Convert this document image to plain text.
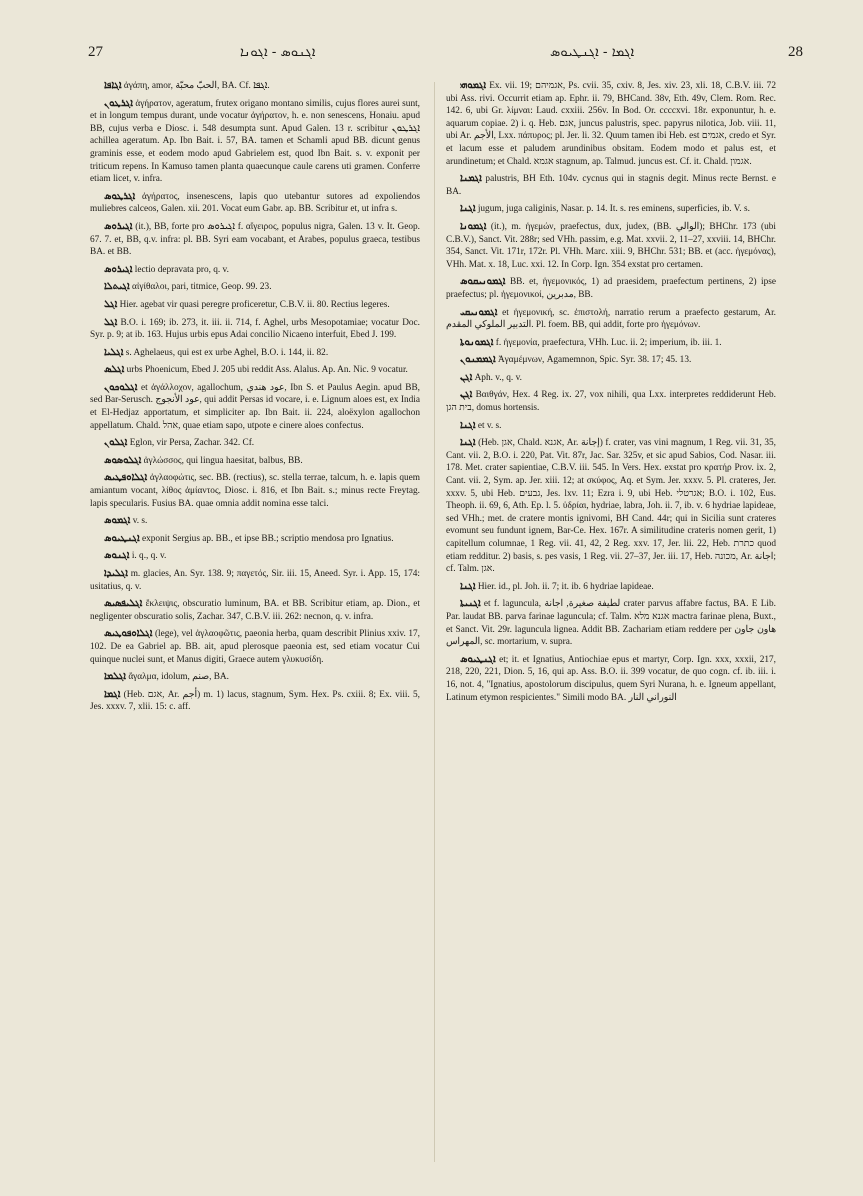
27	ܐܓܢܘܣ - ܐܓܘܢܐ	ܐܓܡܐ - ܐܓܢܛܝܘܣ	28

ܐܓܐܦܐ ἀγάπη, amor, الحبّ محبّة, BA. Cf. ܐܓܦܐ.

ܐܓܪܛܘܢ ἀγήρατον, ageratum, frutex origano montano similis, cujus flores aurei sunt, et in longum tempus durant, unde vocatur ἀγήρατον, h. e. non senescens, Honaiu. apud BB, cujus verba e Diosc. i. 548 desumpta sunt. Apud Galen. 13 r. scribitur ܐܓܪܛܘܢ achillea ageratum. Ap. Ibn Bait. i. 57, BA. tamen et Schamli apud BB. dicunt genus graminis esse, et eodem modo apud Gabrielem est, quod Ibn Bait. s. v. exponit per triticum repens. In Kamuso tamen planta quaecunque caule carens uti gramen. Conferre etiam licet, v. infra.

ܐܓܪܛܘܣ ἀγήρατος, insenescens, lapis quo utebantur sutores ad expoliendos muliebres calceos, Galen. xii. 201. Vocat eum Gabr. ap. BB. Scribitur et, ut infra s.

ܐܓܝܪܘܣ (it.), BB, forte pro ܐܓܝܪܘܣ f. αἴγειρος, populus nigra, Galen. 13 v. It. Geop. 67. 7. et, BB, q.v. infra: pl. BB. Syri eam vocabant, et Arabes, populus graeca, testibus BA. et BB.

ܐܓܝܪܘܣ lectio depravata pro, q. v.

ܐܓܝܬܠܐ αἰγίθαλοι, pari, titmice, Geop. 99. 23.

ܐܓܠ Hier. agebat vir quasi peregre proficeretur, C.B.V. ii. 80. Rectius legeres.

ܐܓܠ B.O. i. 169; ib. 273, it. iii. ii. 714, f. Aghel, urbs Mesopotamiae; vocatur Doc. Syr. p. 9; at ib. 163. Hujus urbis epus Adai concilio Nicaeno interfuit, Ebed J. 199.

ܐܓܠܝܐ s. Aghelaeus, qui est ex urbe Aghel, B.O. i. 144, ii. 82.

ܐܓܠܣ urbs Phoenicum, Ebed J. 205 ubi reddit Ass. Alalus. Ap. An. Nic. 9 vocatur.

ܐܓܠܘܟܘܢ et ἀγάλλοχον, agallochum, عود هندي, Ibn S. et Paulus Aegin. apud BB, sed Bar-Serusch. عود الأنجوج, qui addit Persas id vocare, i. e. Lignum aloes est, ex India et El-Hedjaz apportatum, et simpliciter ap. Ibn Bait. ii. 224, aloëxylon agallochon appellatum. Chald. אהל, quae etiam sapo, utpote e cinere aloes confectus.

ܐܓܠܘܢ Eglon, vir Persa, Zachar. 342. Cf.

ܐܓܠܘܣܘܣ ἀγλώσσος, qui lingua haesitat, balbus, BB.

ܐܓܠܐܘܦܛܝܣ ἀγλαοφώτις, sec. BB. (rectius), sc. stella terrae, talcum, h. e. lapis quem amiantum vocant, λίθος ἀμίαντος, Diosc. i. 816, et Ibn Bait. s.; minus recte Freytag. lapis specularis. Fusius BA. quae omnia addit nomina esse talci.

ܐܓܡܘܣ v. s.

ܐܓܢܛܝܘܣ exponit Sergius ap. BB., et ipse BB.; scriptio mendosa pro Ignatius.

ܐܓܢܘܣ i. q., q. v.

ܐܓܠܝܕܐ m. glacies, An. Syr. 138. 9; παγετός, Sir. iii. 15, Aneed. Syr. i. App. 15, 174: usitatius, q. v.

ܐܓܠܝܦܣܝܣ ἔκλειψις, obscuratio luminum, BA. et BB. Scribitur etiam, ap. Dion., et negligenter obscuratio solis, Zachar. 347, C.B.V. iii. 262: necnon, q. v. infra.

ܐܓܠܐܘܦܘܛܝܣ (lege), vel ἀγλαοφῶτις, paeonia herba, quam describit Plinius xxiv. 17, 102. De ea Gabriel ap. BB. ait, apud plerosque paeonia est, sed etiam vocatur Cui quinque nuclei sunt, et Manus digiti, Graece autem γλυκυσίδη.

ܐܓܠܡܐ ἄγαλμα, idolum, صنم, BA.

ܐܓܡܐ (Heb. אגם, Ar. أجم) m. 1) lacus, stagnum, Sym. Hex. Ps. cxiii. 8; Ex. viii. 5, Jes. xxxv. 7, xlii. 15: c. aff.

ܐܓܡܘܗܝ Ex. vii. 19; אגמיהם, Ps. cvii. 35, cxiv. 8, Jes. xiv. 23, xli. 18, C.B.V. iii. 72 ubi Ass. rivi. Occurrit etiam ap. Ephr. ii. 79, BHCand. 38v, Eth. 49v, Clem. Rom. Rec. 142. 6, ubi Gr. λίμναι: Laud. cxxiii. 256v. In Bod. Or. ccccxvi. 18r. exponuntur, h. e. aquarum copiae. 2) i. q. Heb. אגם, juncus palustris, spec. papyrus nilotica, Job. viii. 11, ubi Ar. الأجم, Lxx. πάπυρος; pl. Jer. li. 32. Quum tamen ibi Heb. est אגמים, credo et Syr. et lacum esse et paludem arundinibus obsitam. Eodem modo et palus est, et arundinetum; et Chald. אגמא stagnum, ap. Talmud. juncus est. Cf. it. Chald. אגמון.

ܐܓܡܢܐ palustris, BH Eth. 104v. cycnus qui in stagnis degit. Minus recte Bernst. e BA.

ܐܓܢܐ jugum, juga caliginis, Nasar. p. 14. It. s. res eminens, superficies, ib. V. s.

ܐܓܡܘܢܐ (it.), m. ἡγεμών, praefectus, dux, judex, (BB. الوالي); BHChr. 173 (ubi C.B.V.), Sanct. Vit. 288r; sed VHh. passim, e.g. Mat. xxvii. 2, 11–27, xxviii. 14, BHChr. 354, Sanct. Vit. 171r, 172r. Pl. VHh. Marc. xiii. 9, BHChr. 531; BB. et (acc. ἡγεμόνας), VHh. Mat. x. 18, Luc. xxi. 12. In Corp. Ign. 354 exstat pro certamen.

ܐܓܡܘܢܝܩܘܣ BB. et, ἡγεμονικός, 1) ad praesidem, praefectum pertinens, 2) ipse praefectus; pl. ἡγεμονικοί, مدبرين, BB.

ܐܓܡܘܢܝܩܝ et ἡγεμονική, sc. ἐπιστολή, narratio rerum a praefecto gestarum, Ar. التدبير الملوكي المقدم. Pl. foem. BB, qui addit, forte pro ἡγεμόνων.

ܐܓܡܘܢܘܬܐ f. ἡγεμονία, praefectura, VHh. Luc. ii. 2; imperium, ib. iii. 1.

ܐܓܡܡܢܘܢ Ἀγαμέμνων, Agamemnon, Spic. Syr. 38. 17; 45. 13.

ܐܓܢ Aph. v., q. v.

ܐܓܢ Βαιθγάν, Hex. 4 Reg. ix. 27, vox nihili, qua Lxx. interpretes reddiderunt Heb. בית הגן, domus hortensis.

ܐܓܢܐ et v. s.

ܐܓܢܐ (Heb. אגן, Chald. אגנא, Ar. إجانة) f. crater, vas vini magnum, 1 Reg. vii. 31, 35, Cant. vii. 2, B.O. i. 220, Pat. Vit. 87r, Jac. Sar. 325v, et sic apud Sabios, Cod. Nasar. iii. 178. Met. crater sapientiae, C.B.V. iii. 545. In Vers. Hex. exstat pro κρατήρ Prov. ix. 2, Cant. vii. 2, Sym. ap. Jer. xiii. 12; at σκύφος, Aq. et Sym. Jer. xxxv. 5. Pl. crateres, Jer. xxxv. 5, ubi Heb. גבעים, Jes. lxv. 11; Ezra i. 9, ubi Heb. אגרטלי; B.O. i. 102, Eus. Theoph. ii. 69, 6, Ath. Ep. l. 5. ὑδρίαι, hydriae, labra, Joh. ii. 7, ib. v. 6 hydriae lapideae, sed VHh.; met. de cratere montis ignivomi, BH Cand. 44r; qui in Sicilia sunt crateres evomunt seu fundunt ignem, Bar-Ce. Hex. 167r. A similitudine crateris nomen gerit, 1) capitellum columnae, 1 Reg. vii. 41, 42, 2 Reg. xxv. 17, Jer. lii. 22, Heb. כתרת quod etiam redditur. 2) basis, s. pes vasis, 1 Reg. vii. 27–37, Jer. iii. 17, Heb. מכונה, Ar. اجانة; cf. Talm. אגן.

ܐܓܢܐ Hier. id., pl. Joh. ii. 7; it. ib. 6 hydriae lapideae.

ܐܓܢܝܬܐ et f. laguncula, لطيفة صغيرة, اجانة crater parvus affabre factus, BA. E Lib. Par. laudat BB. parva farinae laguncula; cf. Talm. אגנא מלא mactra farinae plena, Buxt., et Sanct. Vit. 29r. laguncula lignea. Addit BB. Zachariam etiam reddere per هاون جاون المهراس, sc. mortarium, v. supra.

ܐܓܢܛܝܘܣ et; it. et Ignatius, Antiochiae epus et martyr, Corp. Ign. xxx, xxxii, 217, 218, 220, 221, Dion. 5, 16, qui ap. Ass. B.O. ii. 399 vocatur, de quo cogn. cf. ib. iii. i. 16, not. 4, "Ignatius, apostolorum discipulus, quem Syri Nurana, h. e. Igneum appellant, Latinum etymon respicientes." Simili modo BA. النوراني النار
